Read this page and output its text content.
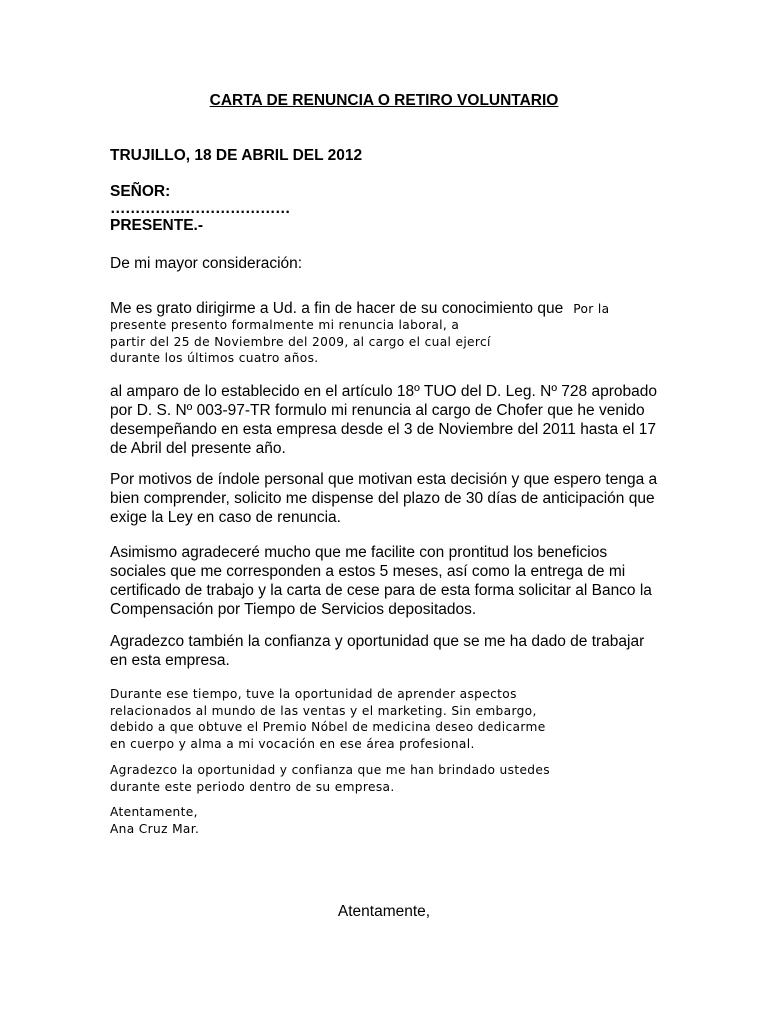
CARTA DE RENUNCIA O RETIRO VOLUNTARIO
TRUJILLO, 18 DE ABRIL DEL 2012
SEÑOR:
………………………………
PRESENTE.-
De mi mayor consideración:
Me es grato dirigirme a Ud. a fin de hacer de su conocimiento que Por la
presente presento formalmente mi renuncia laboral, a
partir del 25 de Noviembre del 2009, al cargo el cual ejercí
durante los últimos cuatro años.
al amparo de lo establecido en el artículo 18º TUO del D. Leg. Nº 728 aprobado
por D. S. Nº 003-97-TR formulo mi renuncia al cargo de Chofer que he venido
desempeñando en esta empresa desde el 3 de Noviembre del 2011 hasta el 17
de Abril del presente año.
Por motivos de índole personal que motivan esta decisión y que espero tenga a
bien comprender, solicito me dispense del plazo de 30 días de anticipación que
exige la Ley en caso de renuncia.
Asimismo agradeceré mucho que me facilite con prontitud los beneficios
sociales que me corresponden a estos 5 meses, así como la entrega de mi
certificado de trabajo y la carta de cese para de esta forma solicitar al Banco la
Compensación por Tiempo de Servicios depositados.
Agradezco también la confianza y oportunidad que se me ha dado de trabajar
en esta empresa.
Durante ese tiempo, tuve la oportunidad de aprender aspectos
relacionados al mundo de las ventas y el marketing. Sin embargo,
debido a que obtuve el Premio Nóbel de medicina deseo dedicarme
en cuerpo y alma a mi vocación en ese área profesional.
Agradezco la oportunidad y confianza que me han brindado ustedes
durante este periodo dentro de su empresa.
Atentamente,
Ana Cruz Mar.
Atentamente,
